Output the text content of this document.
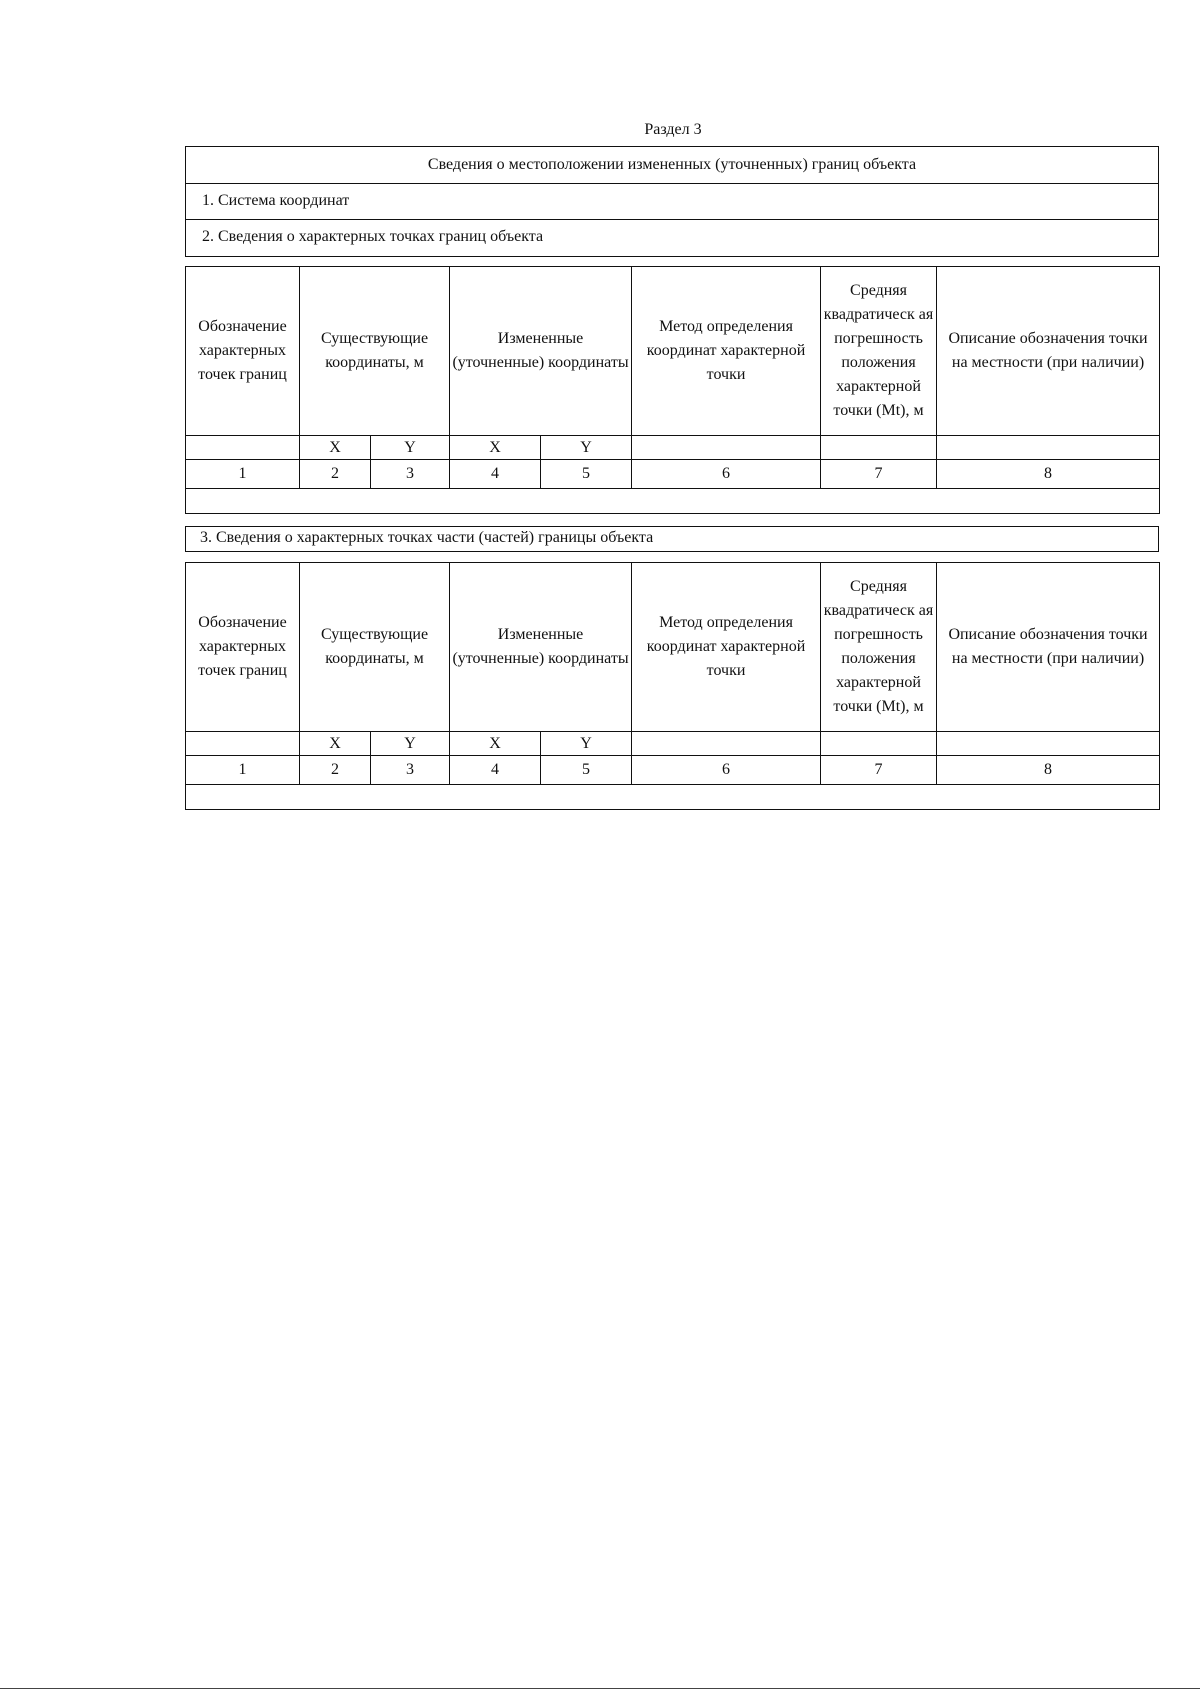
Раздел 3
Сведения о местоположении измененных (уточненных) границ объекта
1. Система координат
2. Сведения о характерных точках границ объекта
Обозначение характерных точек границ	Существующие координаты, м		Измененные (уточненные) координаты		Метод определения координат характерной точки	Средняя квадратическ ая погрешность положения характерной точки (Mt), м	Описание обозначения точки на местности (при наличии)
	X	Y	X	Y			
1	2	3	4	5	6	7	8

3. Сведения о характерных точках части (частей) границы объекта
Обозначение характерных точек границ	Существующие координаты, м		Измененные (уточненные) координаты		Метод определения координат характерной точки	Средняя квадратическ ая погрешность положения характерной точки (Mt), м	Описание обозначения точки на местности (при наличии)
	X	Y	X	Y			
1	2	3	4	5	6	7	8
